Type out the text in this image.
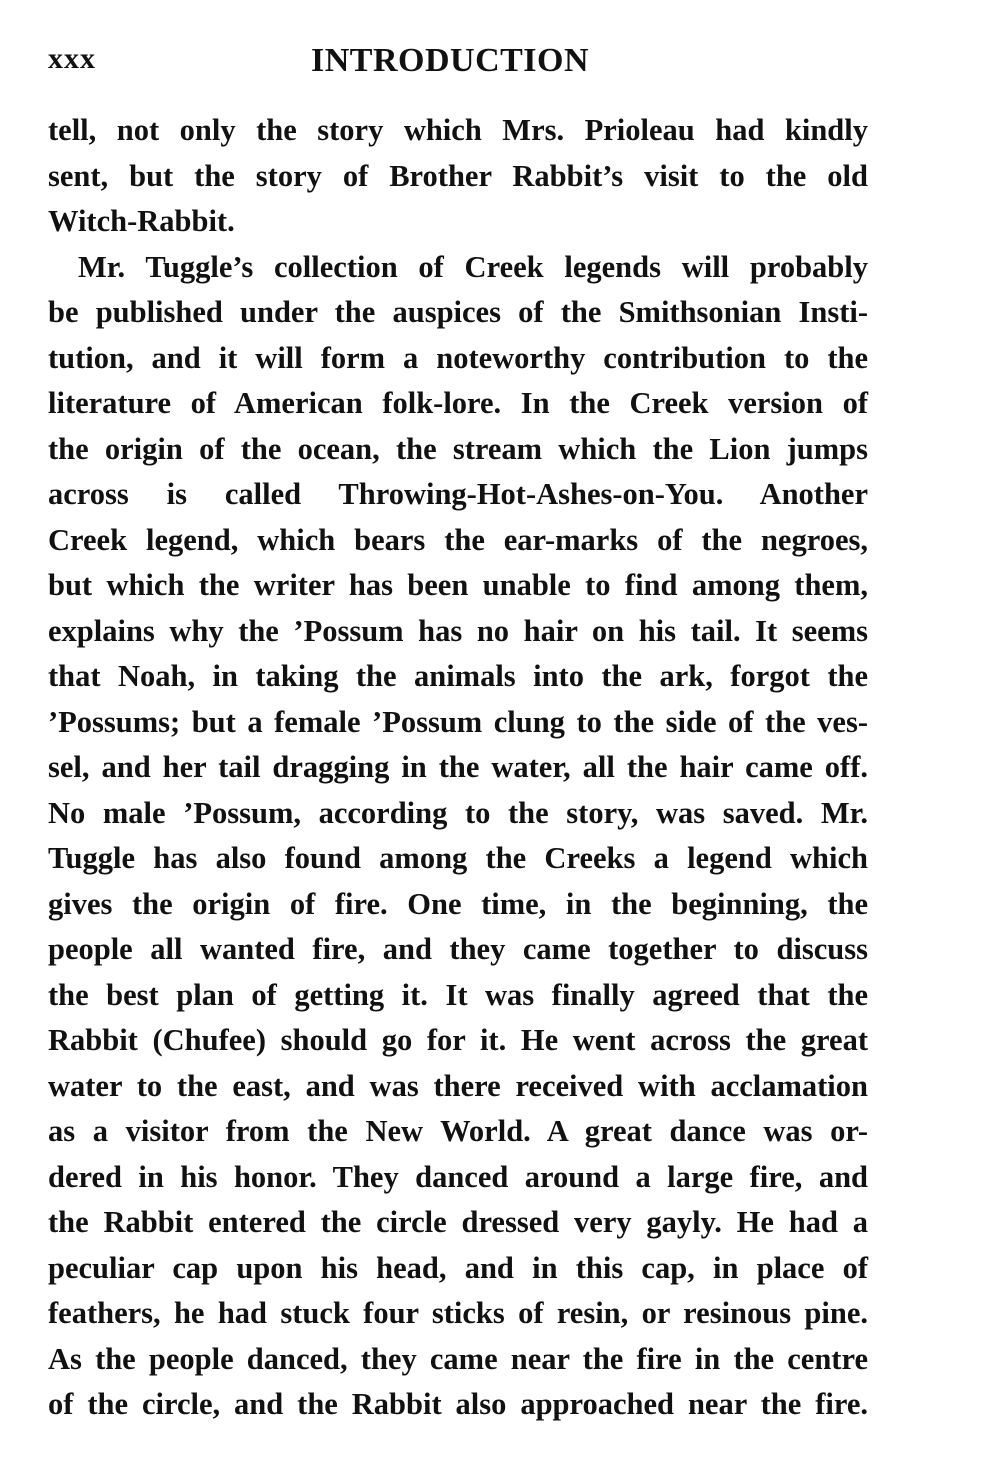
xxx	INTRODUCTION
tell, not only the story which Mrs. Prioleau had kindly
sent, but the story of Brother Rabbit’s visit to the old
Witch-Rabbit.
Mr. Tuggle’s collection of Creek legends will probably
be published under the auspices of the Smithsonian Insti-
tution, and it will form a noteworthy contribution to the
literature of American folk-lore. In the Creek version of
the origin of the ocean, the stream which the Lion jumps
across is called Throwing-Hot-Ashes-on-You. Another
Creek legend, which bears the ear-marks of the negroes,
but which the writer has been unable to find among them,
explains why the ’Possum has no hair on his tail. It seems
that Noah, in taking the animals into the ark, forgot the
’Possums; but a female ’Possum clung to the side of the ves-
sel, and her tail dragging in the water, all the hair came off.
No male ’Possum, according to the story, was saved. Mr.
Tuggle has also found among the Creeks a legend which
gives the origin of fire. One time, in the beginning, the
people all wanted fire, and they came together to discuss
the best plan of getting it. It was finally agreed that the
Rabbit (Chufee) should go for it. He went across the great
water to the east, and was there received with acclamation
as a visitor from the New World. A great dance was or-
dered in his honor. They danced around a large fire, and
the Rabbit entered the circle dressed very gayly. He had a
peculiar cap upon his head, and in this cap, in place of
feathers, he had stuck four sticks of resin, or resinous pine.
As the people danced, they came near the fire in the centre
of the circle, and the Rabbit also approached near the fire.
